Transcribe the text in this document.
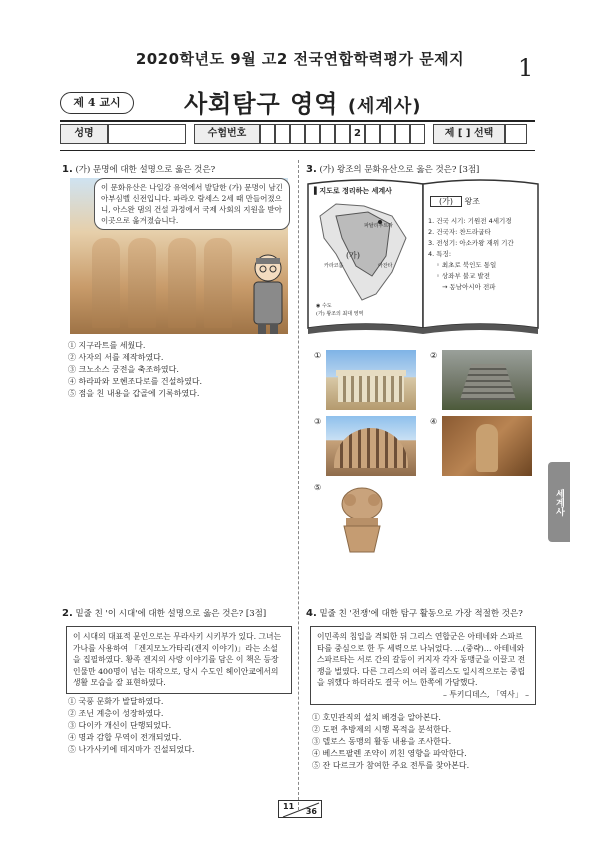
2020학년도 9월 고2 전국연합학력평가 문제지	1
제 4 교시	사회탐구 영역 (세계사)
성명	수험번호	2	제 [ ] 선택
1. (가) 문명에 대한 설명으로 옳은 것은?
이 문화유산은 나일강 유역에서 발달한 (가) 문명이 남긴 아부심벨 신전입니다. 파라오 람세스 2세 때 만들어졌으니, 아스완 댐의 건설 과정에서 국제 사회의 지원을 받아 이곳으로 옮겨졌습니다.
① 지구라트를 세웠다.
② 사자의 서를 제작하였다.
③ 크노소스 궁전을 축조하였다.
④ 하라파와 모헨조다로를 건설하였다.
⑤ 점을 친 내용을 갑골에 기록하였다.
3. (가) 왕조의 문화유산으로 옳은 것은? [3점]
▌지도로 정리하는 세계사
파탈리푸트라
(가)
카라코룸	아잔타
◉ 수도
(가) 왕조의 최대 영역
(가) 왕조
1. 건국 시기: 기원전 4세기경
2. 건국자: 찬드라굽타
3. 전성기: 아소카왕 재위 기간
4. 특징:
◦ 최초로 북인도 통일
◦ 상좌부 불교 발전
→ 동남아시아 전파
①	②
③	④
⑤
세계사
2. 밑줄 친 '이 시대'에 대한 설명으로 옳은 것은? [3점]
이 시대의 대표적 문인으로는 무라사키 시키부가 있다. 그녀는 가나를 사용하여 「겐지모노가타리(겐지 이야기)」라는 소설을 집필하였다. 황족 겐지의 사랑 이야기를 담은 이 책은 등장인물만 400명이 넘는 대작으로, 당시 수도인 헤이안쿄에서의 생활 모습을 잘 표현하였다.
① 국풍 문화가 발달하였다.
② 조닌 계층이 성장하였다.
③ 다이카 개신이 단행되었다.
④ 명과 감합 무역이 전개되었다.
⑤ 나가사키에 데지마가 건설되었다.
4. 밑줄 친 '전쟁'에 대한 탐구 활동으로 가장 적절한 것은?
이민족의 침입을 격퇴한 뒤 그리스 연합군은 아테네와 스파르타를 중심으로 한 두 세력으로 나뉘었다. …(중략)… 아테네와 스파르타는 서로 간의 갈등이 커지자 각자 동맹군을 이끌고 전쟁을 벌였다. 다른 그리스의 여러 폴리스도 일시적으로는 중립을 위했다 하더라도 결국 어느 한쪽에 가담했다.
– 투키디데스, 「역사」 –
① 호민관직의 설치 배경을 알아본다.
② 도편 추방제의 시행 목적을 분석한다.
③ 델로스 동맹의 활동 내용을 조사한다.
④ 베스트팔렌 조약이 끼친 영향을 파악한다.
⑤ 잔 다르크가 참여한 주요 전투를 찾아본다.
11
36
